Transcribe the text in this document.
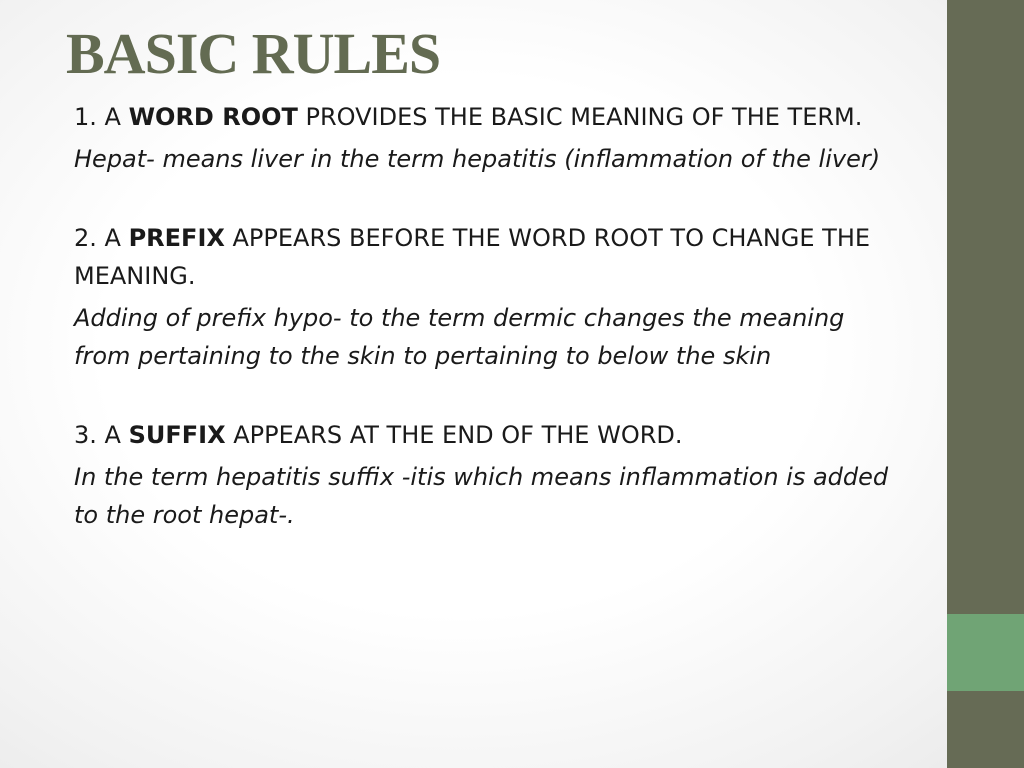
BASIC RULES

1. A WORD ROOT PROVIDES THE BASIC MEANING OF THE TERM.

Hepat- means liver in the term hepatitis (inflammation of the liver)

2. A PREFIX APPEARS BEFORE THE WORD ROOT TO CHANGE THE MEANING.

Adding of prefix hypo- to the term dermic changes the meaning from pertaining to the skin to pertaining to below the skin

3. A SUFFIX APPEARS AT THE END OF THE WORD.

In the term hepatitis suffix -itis which means inflammation is added to the root hepat-.
